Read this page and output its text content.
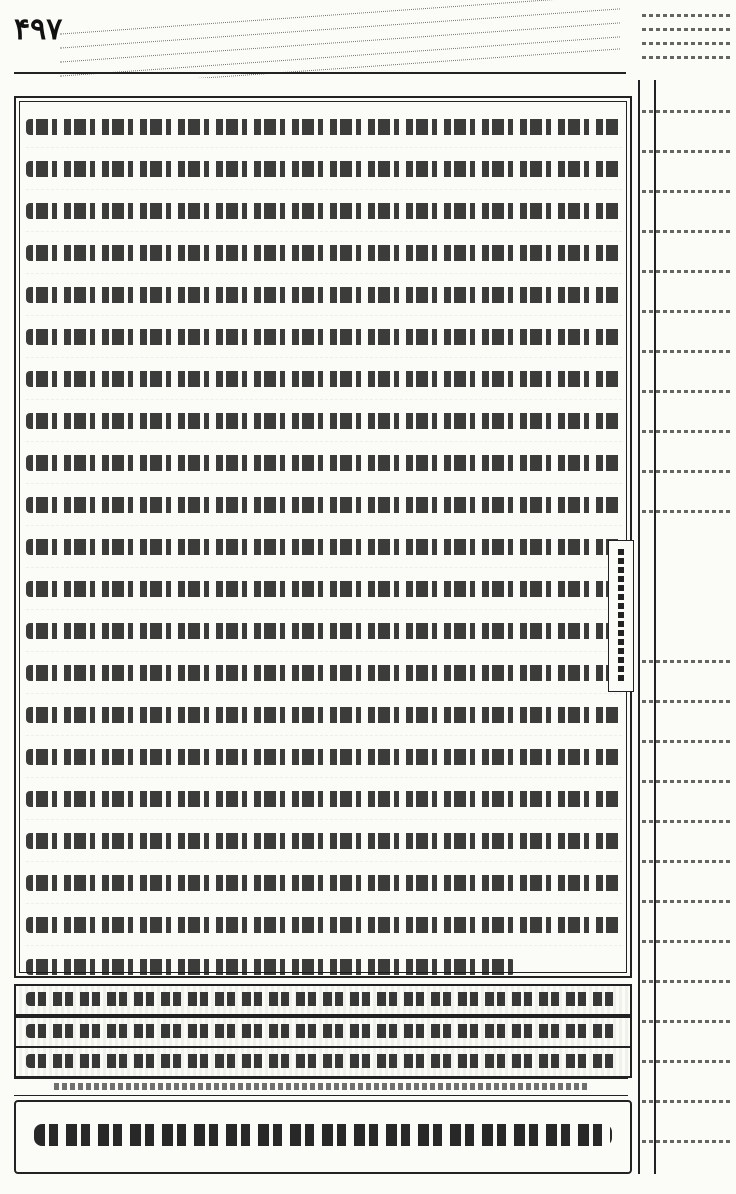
۴۹۷
